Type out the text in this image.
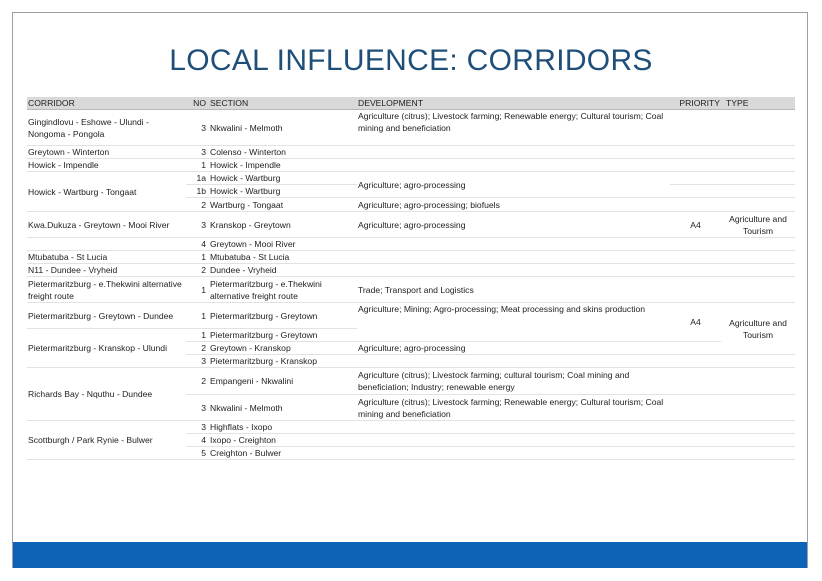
LOCAL INFLUENCE: CORRIDORS
CORRIDOR	NO	SECTION	DEVELOPMENT	PRIORITY	TYPE
Gingindlovu - Eshowe - Ulundi - Nongoma - Pongola	3	Nkwalini - Melmoth	Agriculture (citrus); Livestock farming; Renewable energy; Cultural tourism; Coal mining and beneficiation		
Greytown - Winterton	3	Colenso - Winterton			
Howick - Impendle	1	Howick - Impendle			
Howick - Wartburg - Tongaat	1a	Howick - Wartburg	Agriculture; agro-processing		
	1b	Howick - Wartburg			
	2	Wartburg - Tongaat	Agriculture; agro-processing; biofuels		
Kwa.Dukuza - Greytown - Mooi River	3	Kranskop - Greytown	Agriculture; agro-processing	A4	Agriculture and Tourism
	4	Greytown - Mooi River			
Mtubatuba - St Lucia	1	Mtubatuba - St Lucia			
N11 - Dundee - Vryheid	2	Dundee - Vryheid			
Pietermaritzburg - e.Thekwini alternative freight route	1	Pietermaritzburg - e.Thekwini alternative freight route	Trade; Transport and Logistics		
Pietermaritzburg - Greytown - Dundee	1	Pietermaritzburg - Greytown	Agriculture; Mining; Agro-processing; Meat processing and skins production	A4	Agriculture and Tourism
Pietermaritzburg - Kranskop - Ulundi	1	Pietermaritzburg - Greytown			
	2	Greytown - Kranskop	Agriculture; agro-processing		
	3	Pietermaritzburg - Kranskop			
Richards Bay - Nquthu - Dundee	2	Empangeni - Nkwalini	Agriculture (citrus); Livestock farming; cultural tourism; Coal mining and beneficiation; Industry; renewable energy		
	3	Nkwalini - Melmoth	Agriculture (citrus); Livestock farming; Renewable energy; Cultural tourism; Coal mining and beneficiation		
Scottburgh / Park Rynie - Bulwer	3	Highflats - Ixopo			
	4	Ixopo - Creighton			
	5	Creighton - Bulwer			
